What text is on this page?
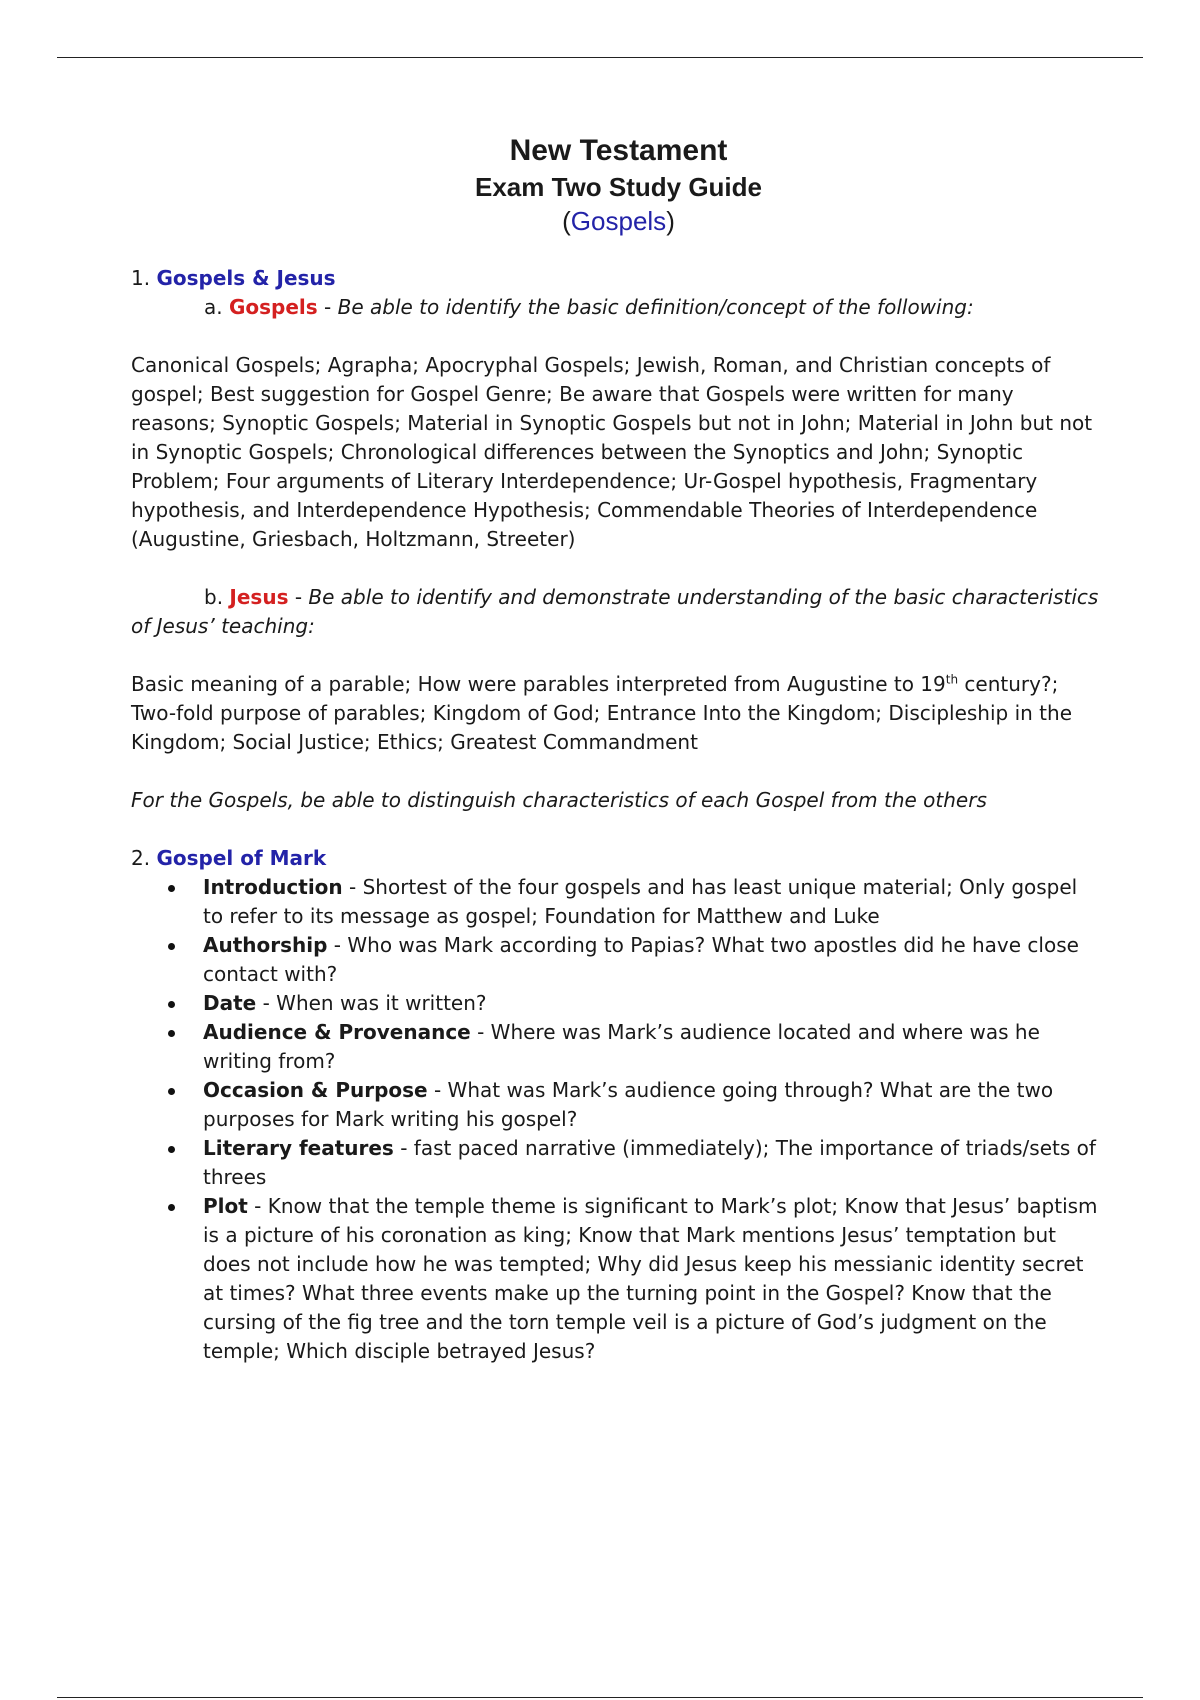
New Testament

Exam Two Study Guide

(Gospels)

1. Gospels & Jesus

a. Gospels - Be able to identify the basic definition/concept of the following:

Canonical Gospels; Agrapha; Apocryphal Gospels; Jewish, Roman, and Christian concepts of gospel; Best suggestion for Gospel Genre; Be aware that Gospels were written for many reasons; Synoptic Gospels; Material in Synoptic Gospels but not in John; Material in John but not in Synoptic Gospels; Chronological differences between the Synoptics and John; Synoptic Problem; Four arguments of Literary Interdependence; Ur-Gospel hypothesis, Fragmentary hypothesis, and Interdependence Hypothesis; Commendable Theories of Interdependence (Augustine, Griesbach, Holtzmann, Streeter)

b. Jesus - Be able to identify and demonstrate understanding of the basic characteristics of Jesus’ teaching:

Basic meaning of a parable; How were parables interpreted from Augustine to 19th century?; Two-fold purpose of parables; Kingdom of God; Entrance Into the Kingdom; Discipleship in the Kingdom; Social Justice; Ethics; Greatest Commandment

For the Gospels, be able to distinguish characteristics of each Gospel from the others

2. Gospel of Mark

Introduction - Shortest of the four gospels and has least unique material; Only gospel to refer to its message as gospel; Foundation for Matthew and Luke
Authorship - Who was Mark according to Papias? What two apostles did he have close contact with?
Date - When was it written?
Audience & Provenance - Where was Mark’s audience located and where was he writing from?
Occasion & Purpose - What was Mark’s audience going through? What are the two purposes for Mark writing his gospel?
Literary features - fast paced narrative (immediately); The importance of triads/sets of threes
Plot - Know that the temple theme is significant to Mark’s plot; Know that Jesus’ baptism is a picture of his coronation as king; Know that Mark mentions Jesus’ temptation but does not include how he was tempted; Why did Jesus keep his messianic identity secret at times? What three events make up the turning point in the Gospel? Know that the cursing of the fig tree and the torn temple veil is a picture of God’s judgment on the temple; Which disciple betrayed Jesus?
